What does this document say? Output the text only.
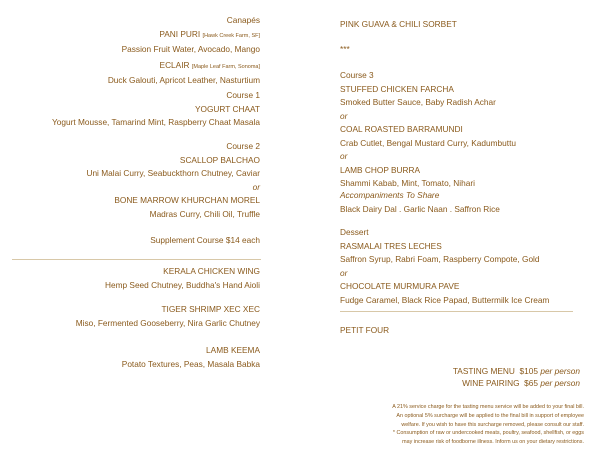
Canapés
PANI PURI [Hawk Creek Farm, SF]
Passion Fruit Water, Avocado, Mango
ECLAIR [Maple Leaf Farm, Sonoma]
Duck Galouti, Apricot Leather, Nasturtium
Course 1
YOGURT CHAAT
Yogurt Mousse, Tamarind Mint, Raspberry Chaat Masala
Course 2
SCALLOP BALCHAO
Uni Malai Curry, Seabuckthorn Chutney, Caviar
or
BONE MARROW KHURCHAN MOREL
Madras Curry, Chili Oil, Truffle
Supplement Course $14 each
KERALA CHICKEN WING
Hemp Seed Chutney, Buddha's Hand Aioli
TIGER SHRIMP XEC XEC
Miso, Fermented Gooseberry, Nira Garlic Chutney
LAMB KEEMA
Potato Textures, Peas, Masala Babka
PINK GUAVA & CHILI SORBET
***
Course 3
STUFFED CHICKEN FARCHA
Smoked Butter Sauce, Baby Radish Achar
or
COAL ROASTED BARRAMUNDI
Crab Cutlet, Bengal Mustard Curry, Kadumbuttu
or
LAMB CHOP BURRA
Shammi Kabab, Mint, Tomato, Nihari
Accompaniments To Share
Black Dairy Dal . Garlic Naan . Saffron Rice
Dessert
RASMALAI TRES LECHES
Saffron Syrup, Rabri Foam, Raspberry Compote, Gold
or
CHOCOLATE MURMURA PAVE
Fudge Caramel, Black Rice Papad, Buttermilk Ice Cream
PETIT FOUR
TASTING MENU $105 per person
WINE PAIRING $65 per person
A 21% service charge for the tasting menu service will be added to your final bill.
An optional 5% surcharge will be applied to the final bill in support of employee
welfare. If you wish to have this surcharge removed, please consult our staff.
* Consumption of raw or undercooked meats, poultry, seafood, shellfish, or eggs
may increase risk of foodborne illness. Inform us on your dietary restrictions.
